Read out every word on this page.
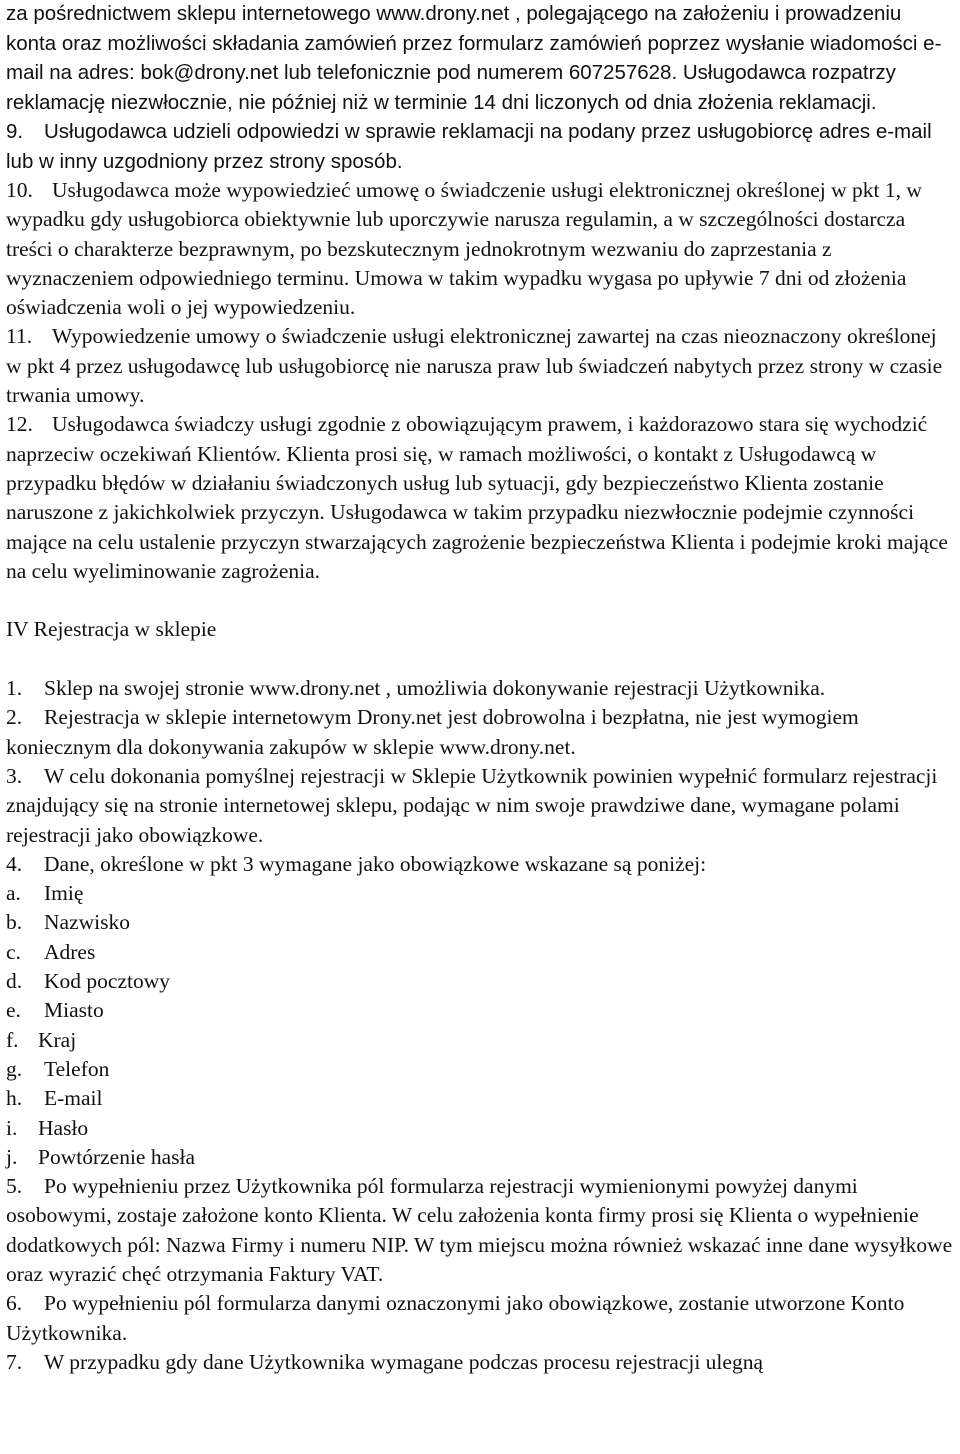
za pośrednictwem sklepu internetowego www.drony.net , polegającego na założeniu i prowadzeniu konta oraz możliwości składania zamówień przez formularz zamówień poprzez wysłanie wiadomości e-mail na adres: bok@drony.net lub telefonicznie pod numerem 607257628. Usługodawca rozpatrzy reklamację niezwłocznie, nie później niż w terminie 14 dni liczonych od dnia złożenia reklamacji.

9. Usługodawca udzieli odpowiedzi w sprawie reklamacji na podany przez usługobiorcę adres e-mail lub w inny uzgodniony przez strony sposób.

10. Usługodawca może wypowiedzieć umowę o świadczenie usługi elektronicznej określonej w pkt 1, w wypadku gdy usługobiorca obiektywnie lub uporczywie narusza regulamin, a w szczególności dostarcza treści o charakterze bezprawnym, po bezskutecznym jednokrotnym wezwaniu do zaprzestania z wyznaczeniem odpowiedniego terminu. Umowa w takim wypadku wygasa po upływie 7 dni od złożenia oświadczenia woli o jej wypowiedzeniu.

11. Wypowiedzenie umowy o świadczenie usługi elektronicznej zawartej na czas nieoznaczony określonej w pkt 4 przez usługodawcę lub usługobiorcę nie narusza praw lub świadczeń nabytych przez strony w czasie trwania umowy.

12. Usługodawca świadczy usługi zgodnie z obowiązującym prawem, i każdorazowo stara się wychodzić naprzeciw oczekiwań Klientów. Klienta prosi się, w ramach możliwości, o kontakt z Usługodawcą w przypadku błędów w działaniu świadczonych usług lub sytuacji, gdy bezpieczeństwo Klienta zostanie naruszone z jakichkolwiek przyczyn. Usługodawca w takim przypadku niezwłocznie podejmie czynności mające na celu ustalenie przyczyn stwarzających zagrożenie bezpieczeństwa Klienta i podejmie kroki mające na celu wyeliminowanie zagrożenia.

IV Rejestracja w sklepie

1. Sklep na swojej stronie www.drony.net , umożliwia dokonywanie rejestracji Użytkownika.

2. Rejestracja w sklepie internetowym Drony.net jest dobrowolna i bezpłatna, nie jest wymogiem koniecznym dla dokonywania zakupów w sklepie www.drony.net.

3. W celu dokonania pomyślnej rejestracji w Sklepie Użytkownik powinien wypełnić formularz rejestracji znajdujący się na stronie internetowej sklepu, podając w nim swoje prawdziwe dane, wymagane polami rejestracji jako obowiązkowe.

4. Dane, określone w pkt 3 wymagane jako obowiązkowe wskazane są poniżej:

a. Imię

b. Nazwisko

c. Adres

d. Kod pocztowy

e. Miasto

f. Kraj

g. Telefon

h. E-mail

i. Hasło

j. Powtórzenie hasła

5. Po wypełnieniu przez Użytkownika pól formularza rejestracji wymienionymi powyżej danymi osobowymi, zostaje założone konto Klienta. W celu założenia konta firmy prosi się Klienta o wypełnienie dodatkowych pól: Nazwa Firmy i numeru NIP. W tym miejscu można również wskazać inne dane wysyłkowe oraz wyrazić chęć otrzymania Faktury VAT.

6. Po wypełnieniu pól formularza danymi oznaczonymi jako obowiązkowe, zostanie utworzone Konto Użytkownika.

7. W przypadku gdy dane Użytkownika wymagane podczas procesu rejestracji ulegną
